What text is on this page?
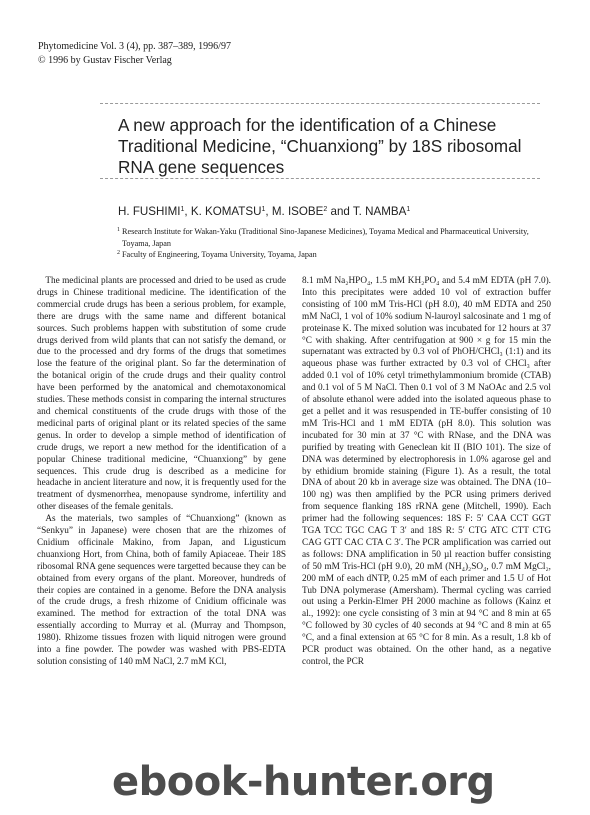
Phytomedicine Vol. 3 (4), pp. 387–389, 1996/97
© 1996 by Gustav Fischer Verlag
A new approach for the identification of a Chinese Traditional Medicine, “Chuanxiong” by 18S ribosomal RNA gene sequences
H. FUSHIMI$^1$, K. KOMATSU$^1$, M. ISOBE$^2$ and T. NAMBA$^1$
1 Research Institute for Wakan-Yaku (Traditional Sino-Japanese Medicines), Toyama Medical and Pharmaceutical University, Toyama, Japan
2 Faculty of Engineering, Toyama University, Toyama, Japan

The medicinal plants are processed and dried to be used as crude drugs in Chinese traditional medicine. The identification of the commercial crude drugs has been a serious problem, for example, there are drugs with the same name and different botanical sources. Such problems happen with substitution of some crude drugs derived from wild plants that can not satisfy the demand, or due to the processed and dry forms of the drugs that sometimes lose the feature of the original plant. So far the determination of the botanical origin of the crude drugs and their quality control have been performed by the anatomical and chemotaxonomical studies. These methods consist in comparing the internal structures and chemical constituents of the crude drugs with those of the medicinal parts of original plant or its related species of the same genus. In order to develop a simple method of identification of crude drugs, we report a new method for the identification of a popular Chinese traditional medicine, “Chuanxiong” by gene sequences. This crude drug is described as a medicine for headache in ancient literature and now, it is frequently used for the treatment of dysmenorrhea, menopause syndrome, infertility and other diseases of the female genitals.

As the materials, two samples of “Chuanxiong” (known as “Senkyu” in Japanese) were chosen that are the rhizomes of Cnidium officinale Makino, from Japan, and Ligusticum chuanxiong Hort, from China, both of family Apiaceae. Their 18S ribosomal RNA gene sequences were targetted because they can be obtained from every organs of the plant. Moreover, hundreds of their copies are contained in a genome. Before the DNA analysis of the crude drugs, a fresh rhizome of Cnidium officinale was examined. The method for extraction of the total DNA was essentially according to Murray et al. (Murray and Thompson, 1980). Rhizome tissues frozen with liquid nitrogen were ground into a fine powder. The powder was washed with PBS-EDTA solution consisting of 140 mM NaCl, 2.7 mM KCl,

8.1 mM Na₂HPO₄, 1.5 mM KH₂PO₄ and 5.4 mM EDTA (pH 7.0). Into this precipitates were added 10 vol of extraction buffer consisting of 100 mM Tris-HCl (pH 8.0), 40 mM EDTA and 250 mM NaCl, 1 vol of 10% sodium N-lauroyl salcosinate and 1 mg of proteinase K. The mixed solution was incubated for 12 hours at 37 °C with shaking. After centrifugation at 900 × g for 15 min the supernatant was extracted by 0.3 vol of PhOH/CHCl₃ (1:1) and its aqueous phase was further extracted by 0.3 vol of CHCl₃ after added 0.1 vol of 10% cetyl trimethylammonium bromide (CTAB) and 0.1 vol of 5 M NaCl. Then 0.1 vol of 3 M NaOAc and 2.5 vol of absolute ethanol were added into the isolated aqueous phase to get a pellet and it was resuspended in TE-buffer consisting of 10 mM Tris-HCl and 1 mM EDTA (pH 8.0). This solution was incubated for 30 min at 37 °C with RNase, and the DNA was purified by treating with Geneclean kit II (BIO 101). The size of DNA was determined by electrophoresis in 1.0% agarose gel and by ethidium bromide staining (Figure 1). As a result, the total DNA of about 20 kb in average size was obtained. The DNA (10–100 ng) was then amplified by the PCR using primers derived from sequence flanking 18S rRNA gene (Mitchell, 1990). Each primer had the following sequences: 18S F: 5′ CAA CCT GGT TGA TCC TGC CAG T 3′ and 18S R: 5′ CTG ATC CTT CTG CAG GTT CAC CTA C 3′. The PCR amplification was carried out as follows: DNA amplification in 50 µl reaction buffer consisting of 50 mM Tris-HCl (pH 9.0), 20 mM (NH₄)₂SO₄, 0.7 mM MgCl₂, 200 mM of each dNTP, 0.25 mM of each primer and 1.5 U of Hot Tub DNA polymerase (Amersham). Thermal cycling was carried out using a Perkin-Elmer PH 2000 machine as follows (Kainz et al., 1992): one cycle consisting of 3 min at 94 °C and 8 min at 65 °C followed by 30 cycles of 40 seconds at 94 °C and 8 min at 65 °C, and a final extension at 65 °C for 8 min. As a result, 1.8 kb of PCR product was obtained. On the other hand, as a negative control, the PCR

ebook-hunter.org
